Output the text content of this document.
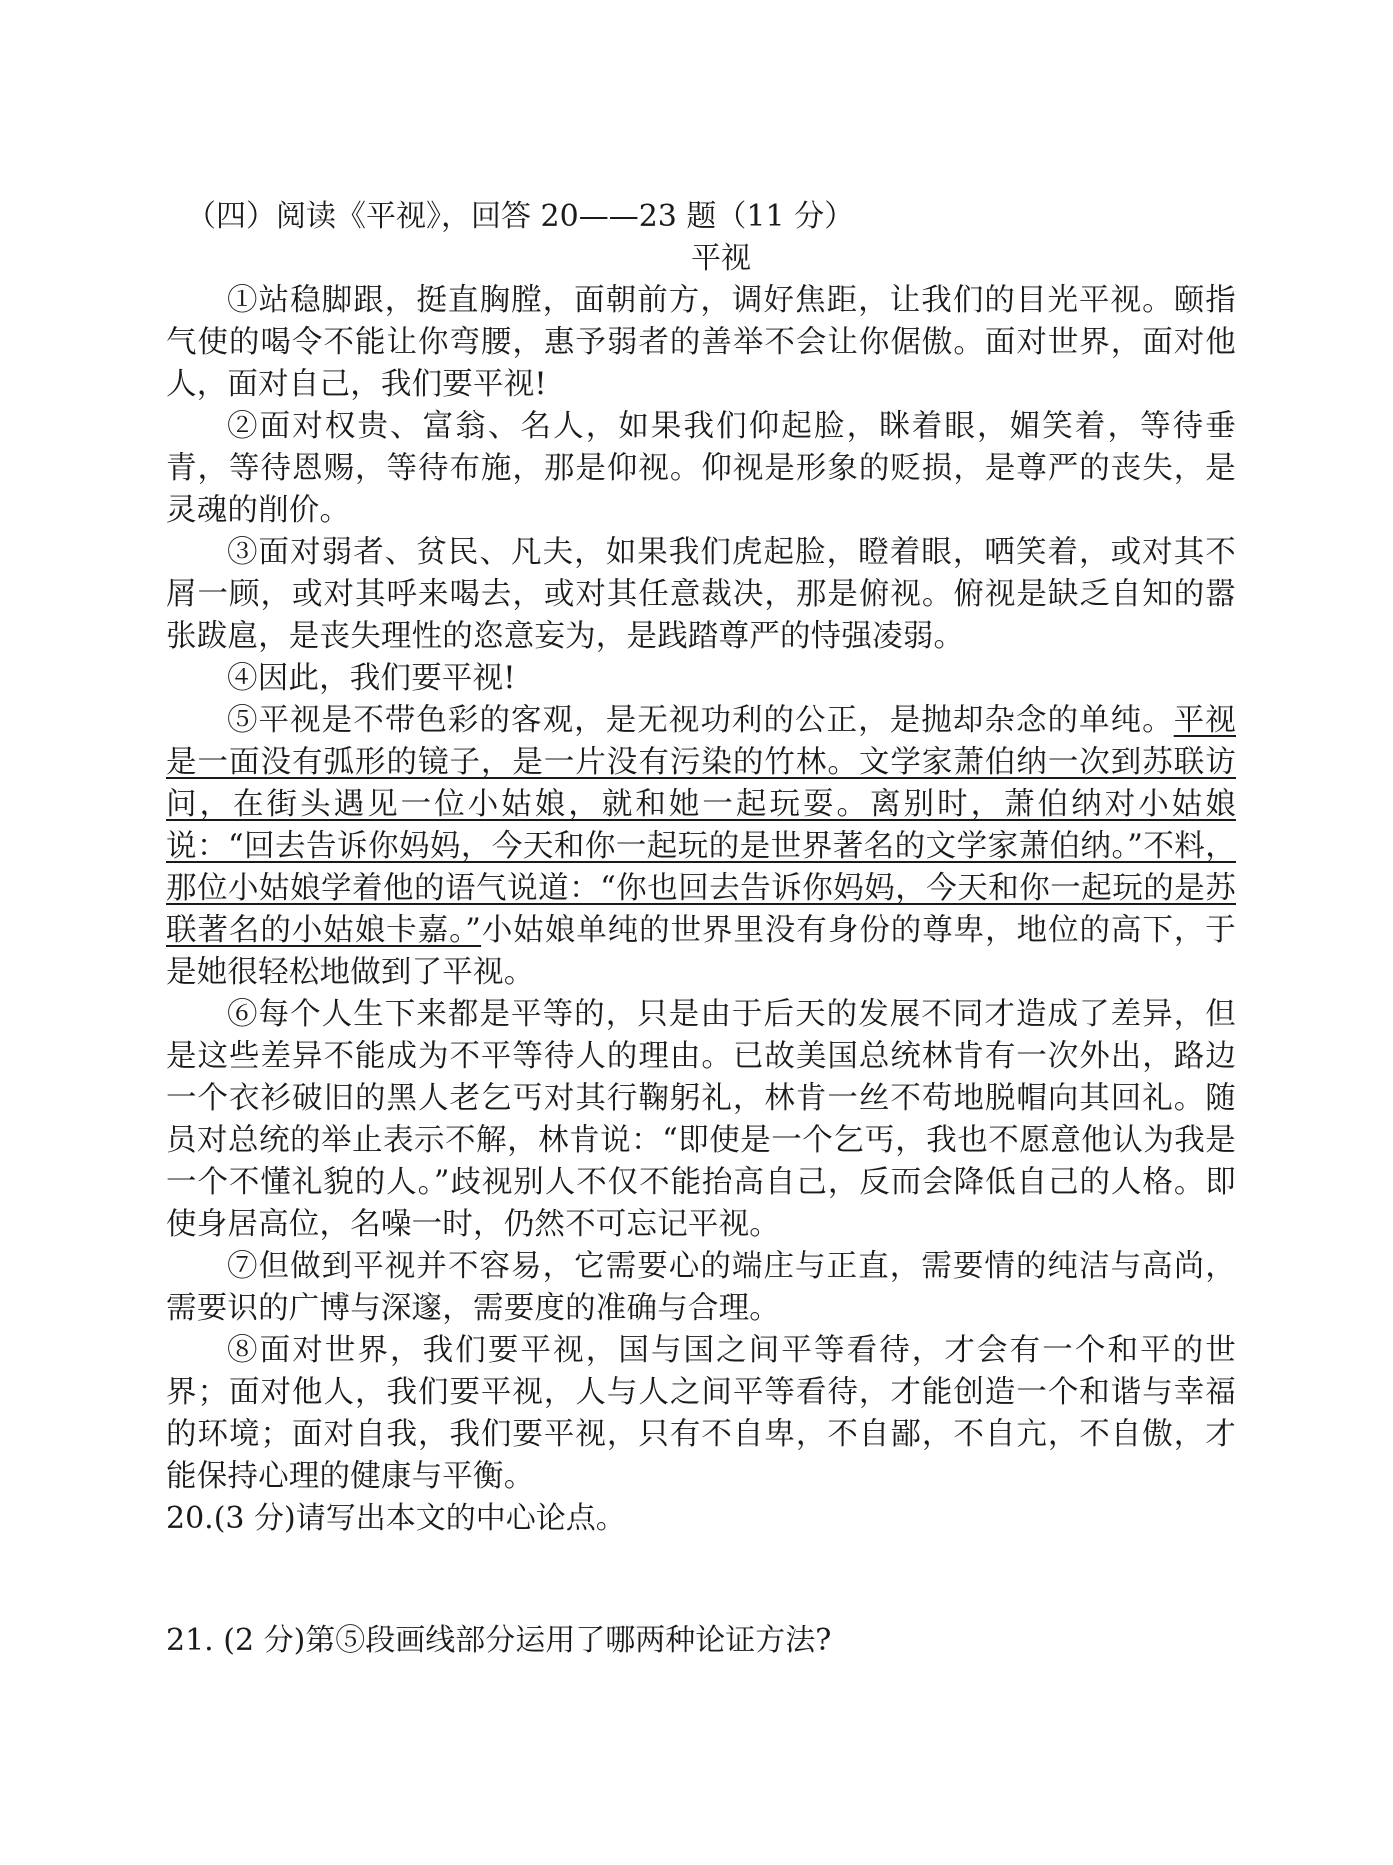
（四）阅读《平视》，回答 20——23 题（11 分）

平视

①站稳脚跟，挺直胸膛，面朝前方，调好焦距，让我们的目光平视。颐指气使的喝令不能让你弯腰，惠予弱者的善举不会让你倨傲。面对世界，面对他人，面对自己，我们要平视!

②面对权贵、富翁、名人，如果我们仰起脸，眯着眼，媚笑着，等待垂青，等待恩赐，等待布施，那是仰视。仰视是形象的贬损，是尊严的丧失，是灵魂的削价。

③面对弱者、贫民、凡夫，如果我们虎起脸，瞪着眼，哂笑着，或对其不屑一顾，或对其呼来喝去，或对其任意裁决，那是俯视。俯视是缺乏自知的嚣张跋扈，是丧失理性的恣意妄为，是践踏尊严的恃强凌弱。

④因此，我们要平视!

⑤平视是不带色彩的客观，是无视功利的公正，是抛却杂念的单纯。平视是一面没有弧形的镜子，是一片没有污染的竹林。文学家萧伯纳一次到苏联访问，在街头遇见一位小姑娘，就和她一起玩耍。离别时，萧伯纳对小姑娘说：“回去告诉你妈妈，今天和你一起玩的是世界著名的文学家萧伯纳。”不料，那位小姑娘学着他的语气说道：“你也回去告诉你妈妈，今天和你一起玩的是苏联著名的小姑娘卡嘉。”小姑娘单纯的世界里没有身份的尊卑，地位的高下，于是她很轻松地做到了平视。

⑥每个人生下来都是平等的，只是由于后天的发展不同才造成了差异，但是这些差异不能成为不平等待人的理由。已故美国总统林肯有一次外出，路边一个衣衫破旧的黑人老乞丐对其行鞠躬礼，林肯一丝不苟地脱帽向其回礼。随员对总统的举止表示不解，林肯说：“即使是一个乞丐，我也不愿意他认为我是一个不懂礼貌的人。”歧视别人不仅不能抬高自己，反而会降低自己的人格。即使身居高位，名噪一时，仍然不可忘记平视。

⑦但做到平视并不容易，它需要心的端庄与正直，需要情的纯洁与高尚，需要识的广博与深邃，需要度的准确与合理。

⑧面对世界，我们要平视，国与国之间平等看待，才会有一个和平的世界；面对他人，我们要平视，人与人之间平等看待，才能创造一个和谐与幸福的环境；面对自我，我们要平视，只有不自卑，不自鄙，不自亢，不自傲，才能保持心理的健康与平衡。

20.(3 分)请写出本文的中心论点。

21. (2 分)第⑤段画线部分运用了哪两种论证方法?
